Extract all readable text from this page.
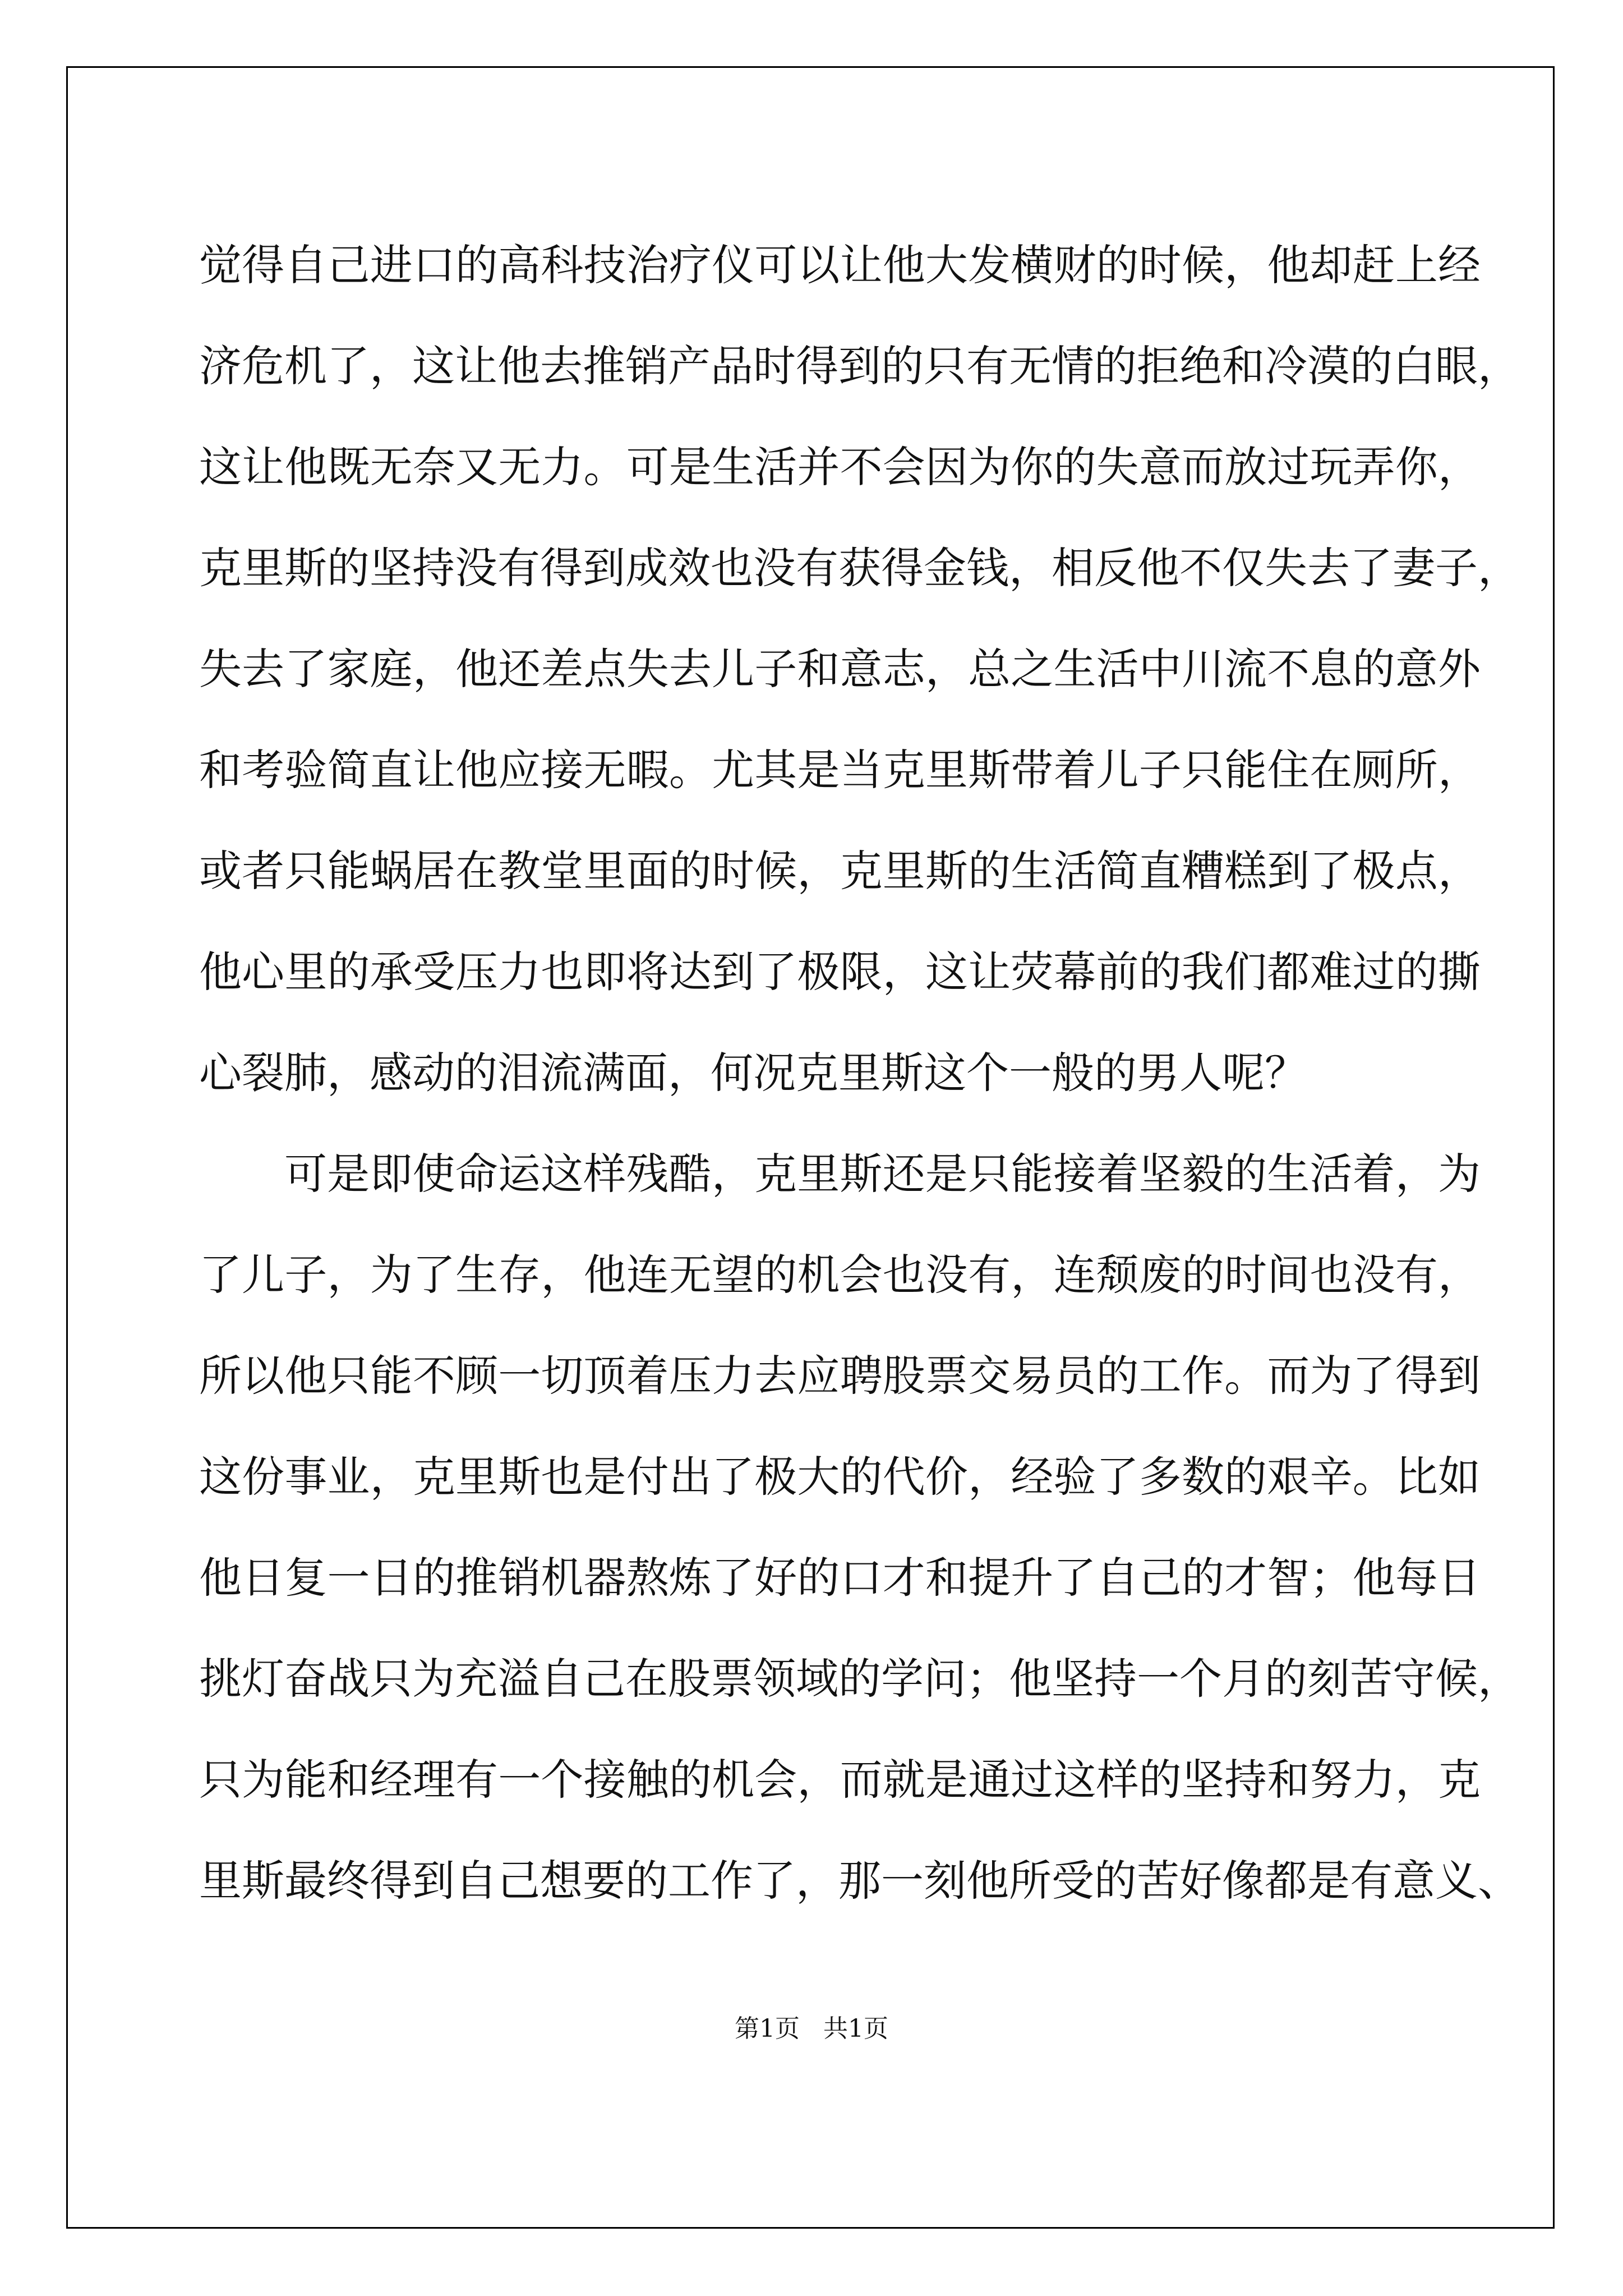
觉得自己进口的高科技治疗仪可以让他大发横财的时候，他却赶上经
济危机了，这让他去推销产品时得到的只有无情的拒绝和冷漠的白眼，
这让他既无奈又无力。可是生活并不会因为你的失意而放过玩弄你，
克里斯的坚持没有得到成效也没有获得金钱，相反他不仅失去了妻子，
失去了家庭，他还差点失去儿子和意志，总之生活中川流不息的意外
和考验简直让他应接无暇。尤其是当克里斯带着儿子只能住在厕所，
或者只能蜗居在教堂里面的时候，克里斯的生活简直糟糕到了极点，
他心里的承受压力也即将达到了极限，这让荧幕前的我们都难过的撕
心裂肺，感动的泪流满面，何况克里斯这个一般的男人呢？
可是即使命运这样残酷，克里斯还是只能接着坚毅的生活着，为
了儿子，为了生存，他连无望的机会也没有，连颓废的时间也没有，
所以他只能不顾一切顶着压力去应聘股票交易员的工作。而为了得到
这份事业，克里斯也是付出了极大的代价，经验了多数的艰辛。比如
他日复一日的推销机器熬炼了好的口才和提升了自己的才智；他每日
挑灯奋战只为充溢自己在股票领域的学问；他坚持一个月的刻苦守候，
只为能和经理有一个接触的机会，而就是通过这样的坚持和努力，克
里斯最终得到自己想要的工作了，那一刻他所受的苦好像都是有意义、
第1页   共1页
